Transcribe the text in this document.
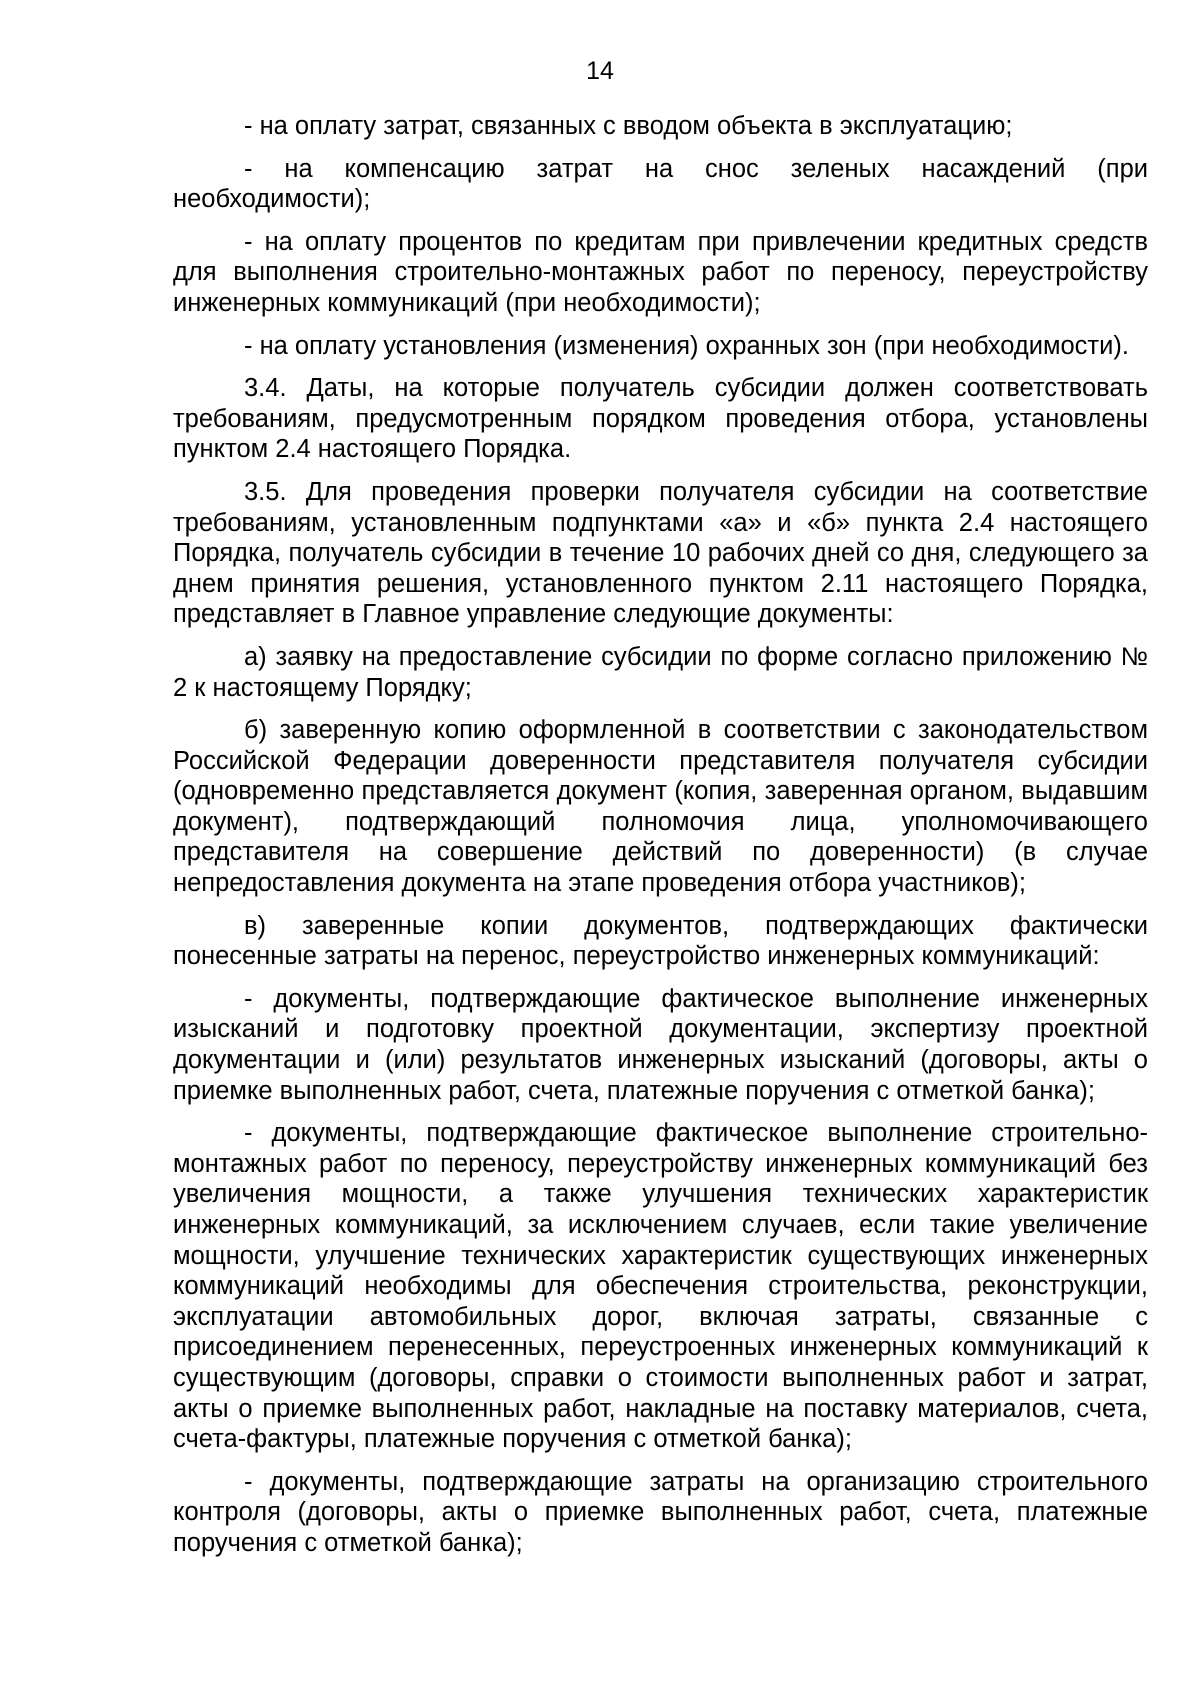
14

- на оплату затрат, связанных с вводом объекта в эксплуатацию;

- на компенсацию затрат на снос зеленых насаждений (при необходимости);

- на оплату процентов по кредитам при привлечении кредитных средств для выполнения строительно-монтажных работ по переносу, переустройству инженерных коммуникаций (при необходимости);

- на оплату установления (изменения) охранных зон (при необходимости).

3.4. Даты, на которые получатель субсидии должен соответствовать требованиям, предусмотренным порядком проведения отбора, установлены пунктом 2.4 настоящего Порядка.

3.5. Для проведения проверки получателя субсидии на соответствие требованиям, установленным подпунктами «а» и «б» пункта 2.4 настоящего Порядка, получатель субсидии в течение 10 рабочих дней со дня, следующего за днем принятия решения, установленного пунктом 2.11 настоящего Порядка, представляет в Главное управление следующие документы:

а) заявку на предоставление субсидии по форме согласно приложению № 2 к настоящему Порядку;

б) заверенную копию оформленной в соответствии с законодательством Российской Федерации доверенности представителя получателя субсидии (одновременно представляется документ (копия, заверенная органом, выдавшим документ), подтверждающий полномочия лица, уполномочивающего представителя на совершение действий по доверенности) (в случае непредоставления документа на этапе проведения отбора участников);

в) заверенные копии документов, подтверждающих фактически понесенные затраты на перенос, переустройство инженерных коммуникаций:

- документы, подтверждающие фактическое выполнение инженерных изысканий и подготовку проектной документации, экспертизу проектной документации и (или) результатов инженерных изысканий (договоры, акты о приемке выполненных работ, счета, платежные поручения с отметкой банка);

- документы, подтверждающие фактическое выполнение строительно-монтажных работ по переносу, переустройству инженерных коммуникаций без увеличения мощности, а также улучшения технических характеристик инженерных коммуникаций, за исключением случаев, если такие увеличение мощности, улучшение технических характеристик существующих инженерных коммуникаций необходимы для обеспечения строительства, реконструкции, эксплуатации автомобильных дорог, включая затраты, связанные с присоединением перенесенных, переустроенных инженерных коммуникаций к существующим (договоры, справки о стоимости выполненных работ и затрат, акты о приемке выполненных работ, накладные на поставку материалов, счета, счета-фактуры, платежные поручения с отметкой банка);

- документы, подтверждающие затраты на организацию строительного контроля (договоры, акты о приемке выполненных работ, счета, платежные поручения с отметкой банка);
